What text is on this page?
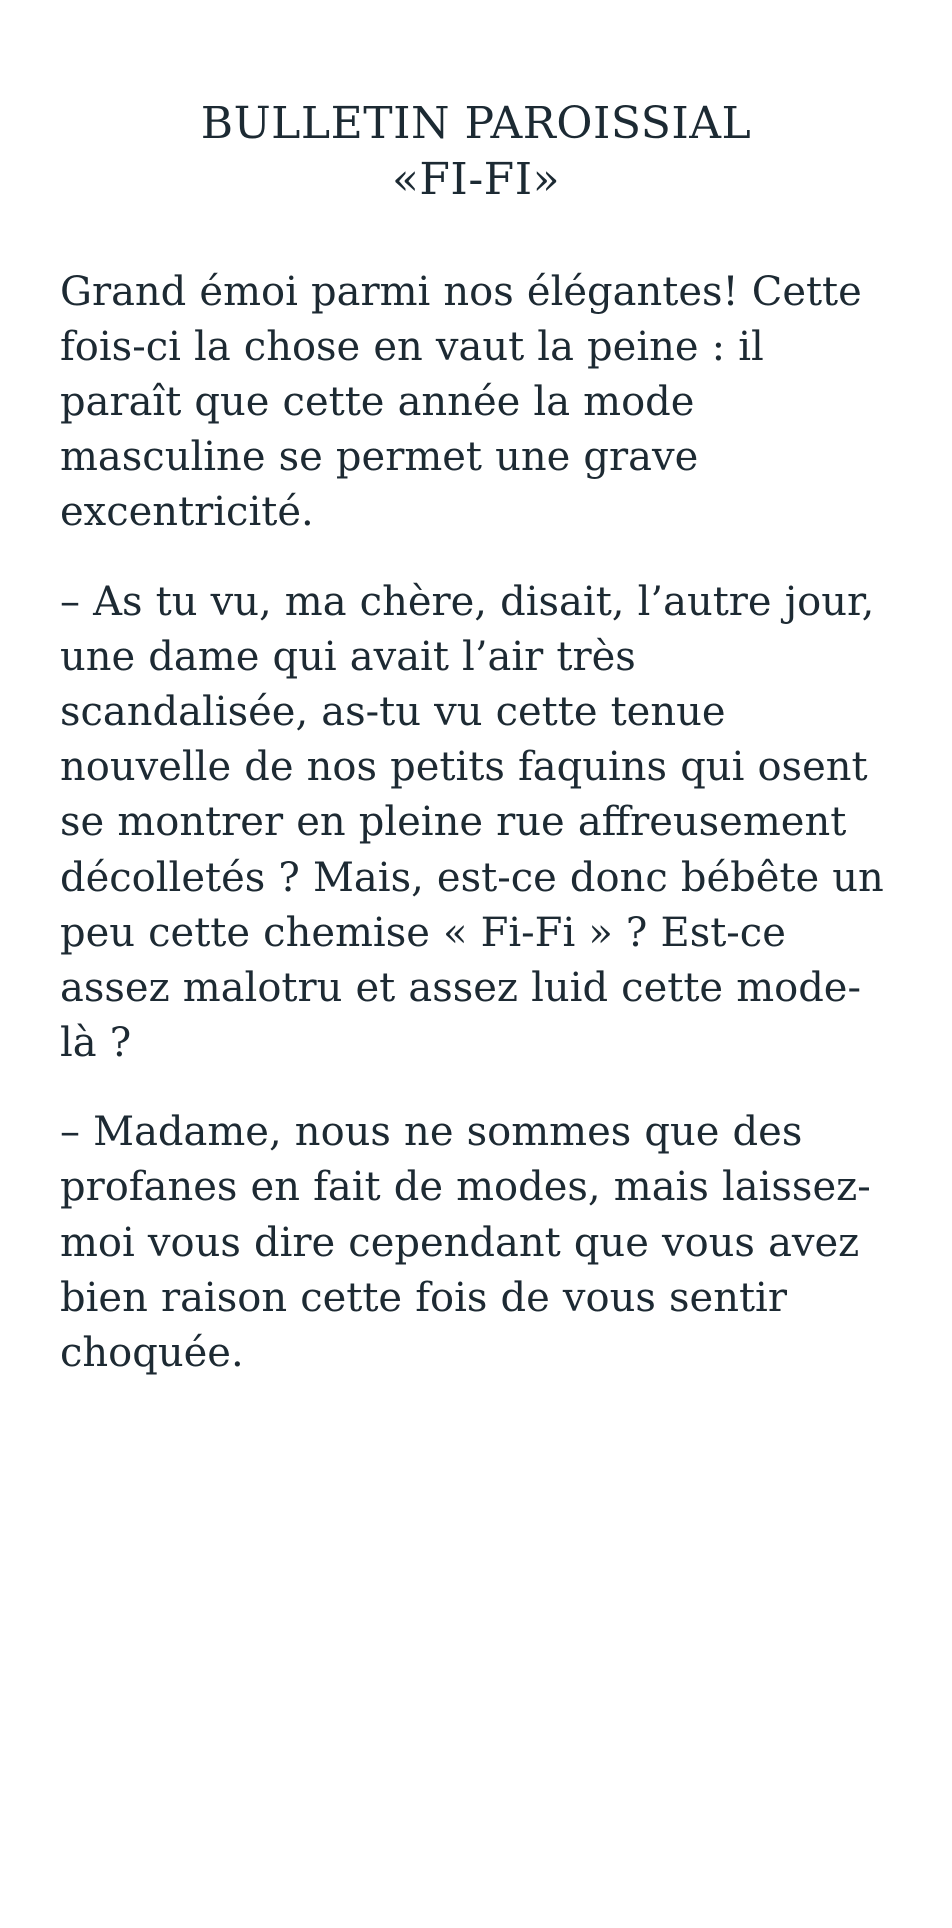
BULLETIN PAROISSIAL
«FI-FI»

Grand émoi parmi nos élégantes! Cette fois-ci la chose en vaut la peine : il paraît que cette année la mode masculine se permet une grave excentricité.

– As tu vu, ma chère, disait, l’autre jour, une dame qui avait l’air très scandalisée, as-tu vu cette tenue nouvelle de nos petits faquins qui osent se montrer en pleine rue affreusement décolletés ? Mais, est-ce donc bébête un peu cette chemise « Fi-Fi » ? Est-ce assez malotru et assez luid cette mode-là ?

– Madame, nous ne sommes que des profanes en fait de modes, mais laissez-moi vous dire cependant que vous avez bien raison cette fois de vous sentir choquée.
